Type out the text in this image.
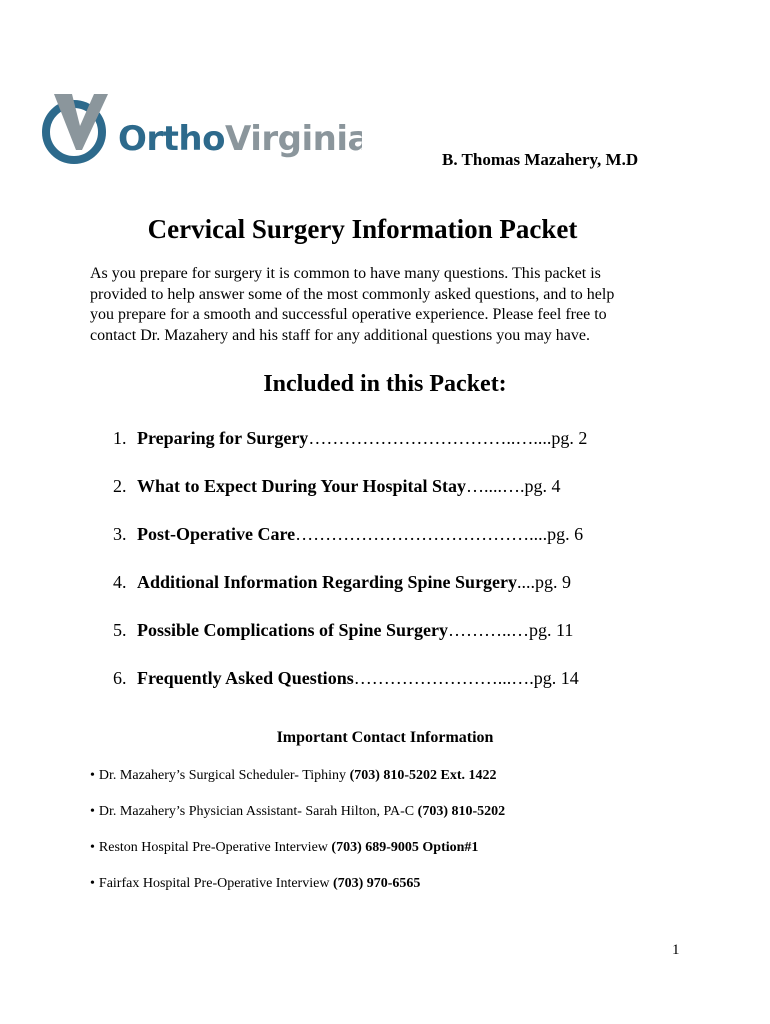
OrthoVirginia
B. Thomas Mazahery, M.D
Cervical Surgery Information Packet

As you prepare for surgery it is common to have many questions. This packet is
provided to help answer some of the most commonly asked questions, and to help
you prepare for a smooth and successful operative experience. Please feel free to
contact Dr. Mazahery and his staff for any additional questions you may have.

Included in this Packet:
1. Preparing for Surgery……………………………..…....pg. 2
2. What to Expect During Your Hospital Stay…....….pg. 4
3. Post-Operative Care…………………………………....pg. 6
4. Additional Information Regarding Spine Surgery....pg. 9
5. Possible Complications of Spine Surgery………..…pg. 11
6. Frequently Asked Questions……………………...….pg. 14
Important Contact Information
• Dr. Mazahery’s Surgical Scheduler- Tiphiny (703) 810-5202 Ext. 1422
• Dr. Mazahery’s Physician Assistant- Sarah Hilton, PA-C (703) 810-5202
• Reston Hospital Pre-Operative Interview (703) 689-9005 Option#1
• Fairfax Hospital Pre-Operative Interview (703) 970-6565
1
